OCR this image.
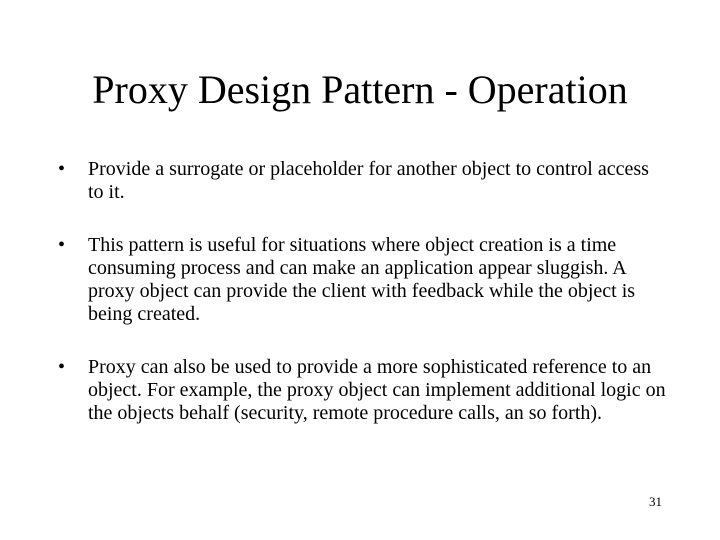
Proxy Design Pattern - Operation
•	Provide a surrogate or placeholder for another object to control access to it.
•	This pattern is useful for situations where object creation is a time consuming process and can make an application appear sluggish. A proxy object can provide the client with feedback while the object is being created.
•	Proxy can also be used to provide a more sophisticated reference to an object. For example, the proxy object can implement additional logic on the objects behalf (security, remote procedure calls, an so forth).
31
